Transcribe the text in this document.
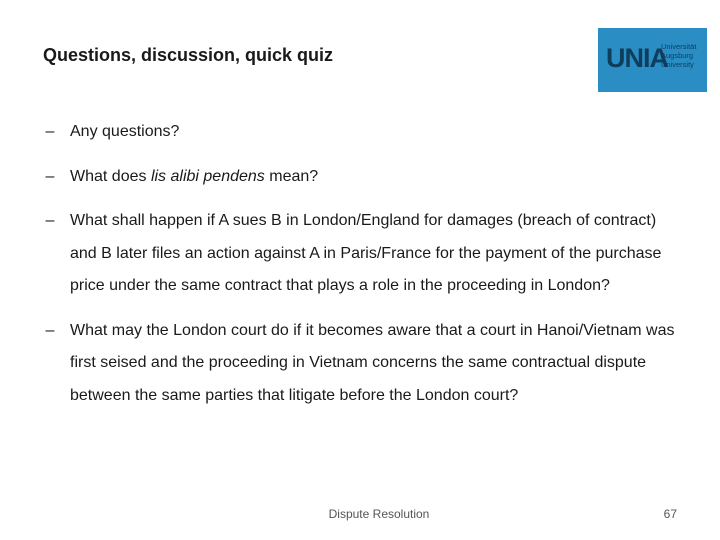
Questions, discussion, quick quiz	UNIA
Universität
Augsburg
University
– Any questions?
– What does lis alibi pendens mean?
– What shall happen if A sues B in London/England for damages (breach of contract) and B later files an action against A in Paris/France for the payment of the purchase price under the same contract that plays a role in the proceeding in London?
– What may the London court do if it becomes aware that a court in Hanoi/Vietnam was first seised and the proceeding in Vietnam concerns the same contractual dispute between the same parties that litigate before the London court?
Dispute Resolution	67
